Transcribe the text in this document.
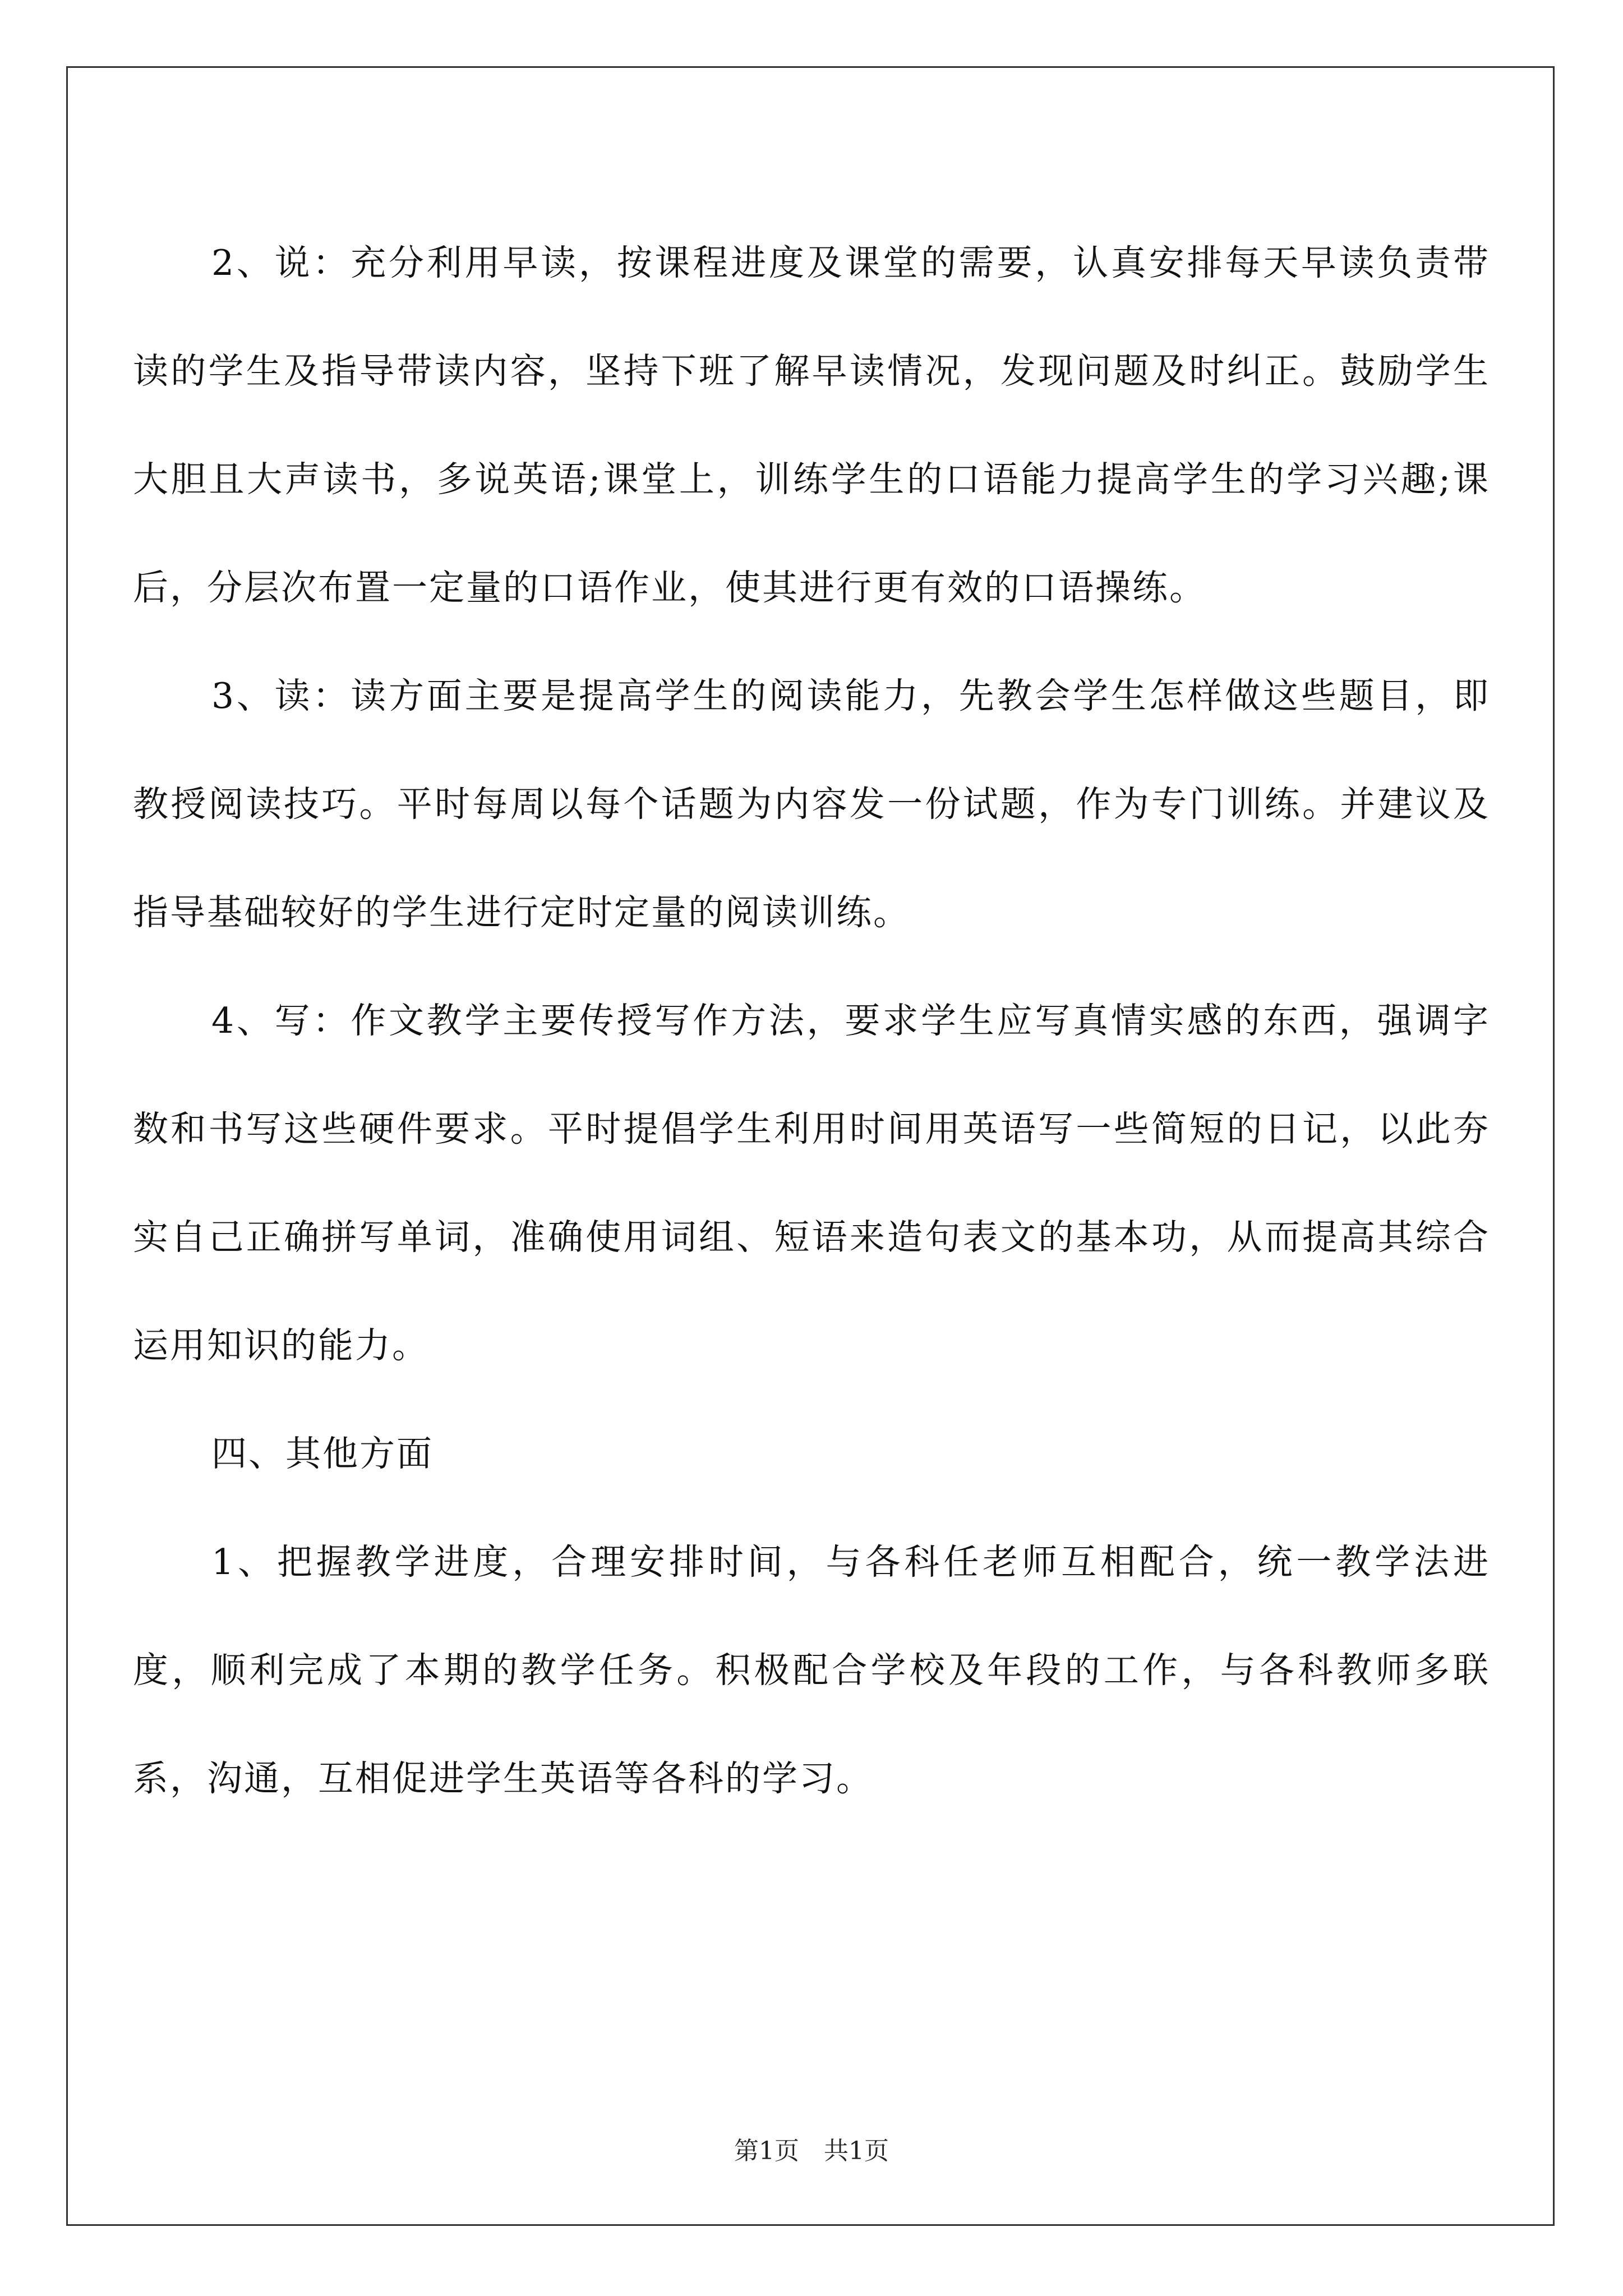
2、说：充分利用早读，按课程进度及课堂的需要，认真安排每天早读负责带读的学生及指导带读内容，坚持下班了解早读情况，发现问题及时纠正。鼓励学生大胆且大声读书，多说英语;课堂上，训练学生的口语能力提高学生的学习兴趣;课后，分层次布置一定量的口语作业，使其进行更有效的口语操练。

3、读：读方面主要是提高学生的阅读能力，先教会学生怎样做这些题目，即教授阅读技巧。平时每周以每个话题为内容发一份试题，作为专门训练。并建议及指导基础较好的学生进行定时定量的阅读训练。

4、写：作文教学主要传授写作方法，要求学生应写真情实感的东西，强调字数和书写这些硬件要求。平时提倡学生利用时间用英语写一些简短的日记，以此夯实自己正确拼写单词，准确使用词组、短语来造句表文的基本功，从而提高其综合运用知识的能力。

四、其他方面

1、把握教学进度，合理安排时间，与各科任老师互相配合，统一教学法进度，顺利完成了本期的教学任务。积极配合学校及年段的工作，与各科教师多联系，沟通，互相促进学生英语等各科的学习。

第1页　共1页
